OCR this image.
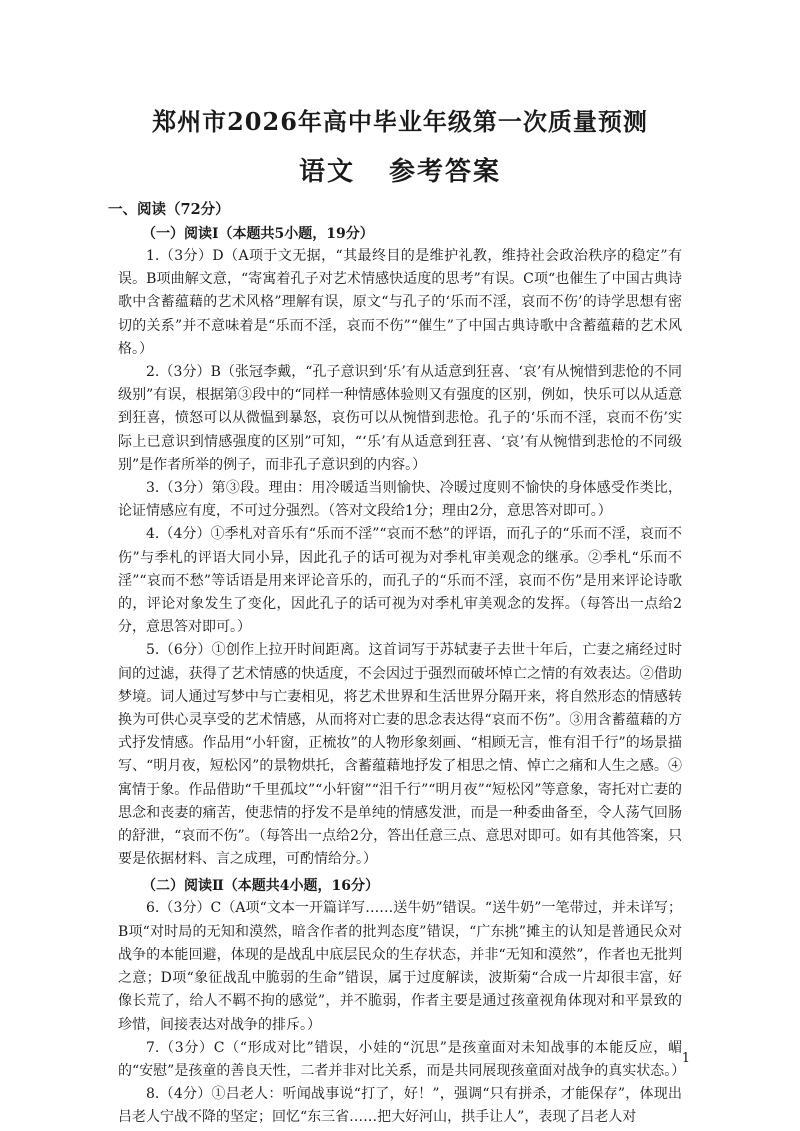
郑州市2026年高中毕业年级第一次质量预测
语文 参考答案
一、阅读（72分）
（一）阅读Ⅰ（本题共5小题，19分）

1.（3分）D（A项于文无据，“其最终目的是维护礼教，维持社会政治秩序的稳定”有误。B项曲解文意，“寄寓着孔子对艺术情感快适度的思考”有误。C项“也催生了中国古典诗歌中含蓄蕴藉的艺术风格”理解有误，原文“与孔子的‘乐而不淫，哀而不伤’的诗学思想有密切的关系”并不意味着是“乐而不淫，哀而不伤”“催生”了中国古典诗歌中含蓄蕴藉的艺术风格。）

2.（3分）B（张冠李戴，“孔子意识到‘乐’有从适意到狂喜、‘哀’有从惋惜到悲怆的不同级别”有误，根据第③段中的“同样一种情感体验则又有强度的区别，例如，快乐可以从适意到狂喜，愤怒可以从微愠到暴怒，哀伤可以从惋惜到悲怆。孔子的‘乐而不淫，哀而不伤’实际上已意识到情感强度的区别”可知，“‘乐’有从适意到狂喜、‘哀’有从惋惜到悲怆的不同级别”是作者所举的例子，而非孔子意识到的内容。）

3.（3分）第③段。理由：用冷暖适当则愉快、冷暖过度则不愉快的身体感受作类比，论证情感应有度，不可过分强烈。（答对文段给1分；理由2分，意思答对即可。）

4.（4分）①季札对音乐有“乐而不淫”“哀而不愁”的评语，而孔子的“乐而不淫，哀而不伤”与季札的评语大同小异，因此孔子的话可视为对季札审美观念的继承。②季札“乐而不淫”“哀而不愁”等话语是用来评论音乐的，而孔子的“乐而不淫，哀而不伤”是用来评论诗歌的，评论对象发生了变化，因此孔子的话可视为对季札审美观念的发挥。（每答出一点给2分，意思答对即可。）

5.（6分）①创作上拉开时间距离。这首词写于苏轼妻子去世十年后，亡妻之痛经过时间的过滤，获得了艺术情感的快适度，不会因过于强烈而破坏悼亡之情的有效表达。②借助梦境。词人通过写梦中与亡妻相见，将艺术世界和生活世界分隔开来，将自然形态的情感转换为可供心灵享受的艺术情感，从而将对亡妻的思念表达得“哀而不伤”。③用含蓄蕴藉的方式抒发情感。作品用“小轩窗，正梳妆”的人物形象刻画、“相顾无言，惟有泪千行”的场景描写、“明月夜，短松冈”的景物烘托，含蓄蕴藉地抒发了相思之情、悼亡之痛和人生之感。④寓情于象。作品借助“千里孤坟”“小轩窗”“泪千行”“明月夜”“短松冈”等意象，寄托对亡妻的思念和丧妻的痛苦，使悲情的抒发不是单纯的情感发泄，而是一种委曲备至，令人荡气回肠的舒泄，“哀而不伤”。（每答出一点给2分，答出任意三点、意思对即可。如有其他答案，只要是依据材料、言之成理，可酌情给分。）

（二）阅读Ⅱ（本题共4小题，16分）

6.（3分）C（A项“文本一开篇详写……送牛奶”错误。“送牛奶”一笔带过，并未详写；B项“对时局的无知和漠然，暗含作者的批判态度”错误，“广东挑”摊主的认知是普通民众对战争的本能回避，体现的是战乱中底层民众的生存状态，并非“无知和漠然”，作者也无批判之意；D项“象征战乱中脆弱的生命”错误，属于过度解读，波斯菊“合成一片却很丰富，好像长荒了，给人不羁不拘的感觉”，并不脆弱，作者主要是通过孩童视角体现对和平景致的珍惜，间接表达对战争的排斥。）

7.（3分）C（“形成对比”错误，小娃的“沉思”是孩童面对未知战事的本能反应，嵋的“安慰”是孩童的善良天性，二者并非对比关系，而是共同展现孩童面对战争的真实状态。）

8.（4分）①吕老人：听闻战事说“打了，好！”，强调“只有拼杀，才能保存”，体现出吕老人宁战不降的坚定；回忆“东三省……把大好河山，拱手让人”，表现了吕老人对

1
